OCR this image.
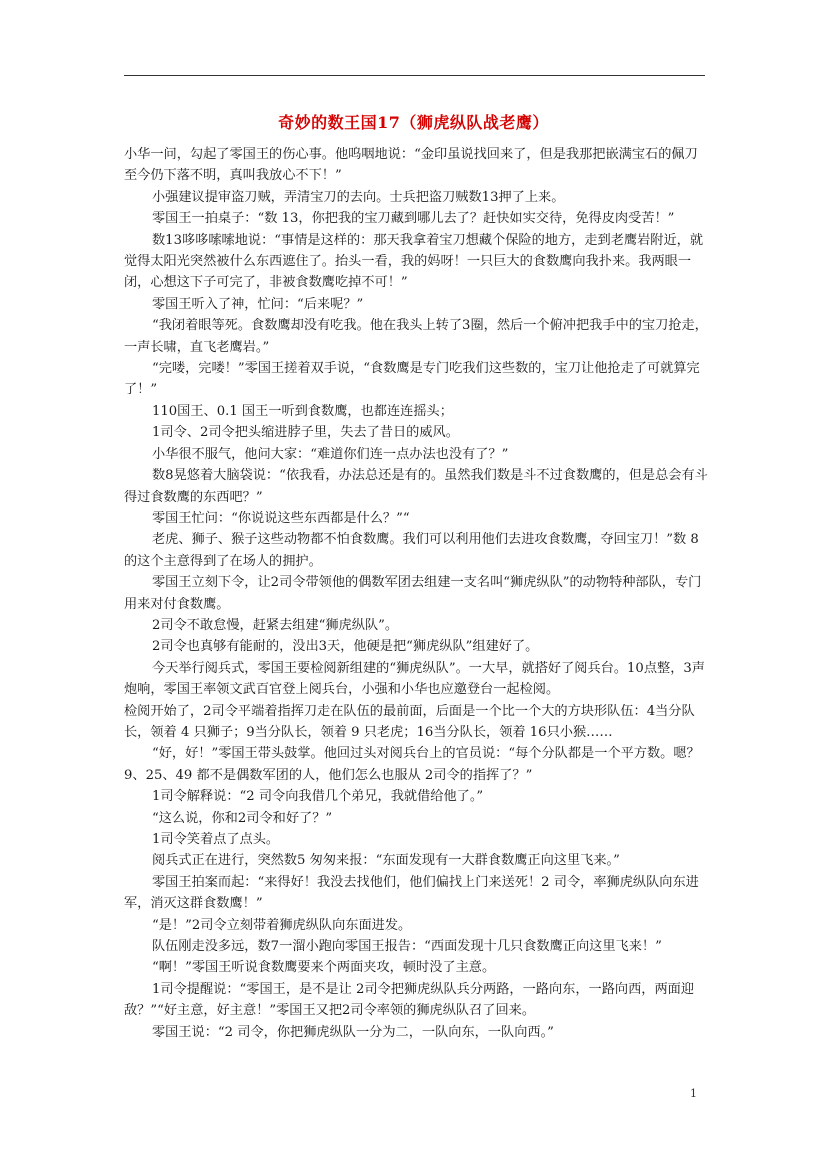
奇妙的数王国17（狮虎纵队战老鹰）

小华一问，勾起了零国王的伤心事。他呜咽地说：“金印虽说找回来了，但是我那把嵌满宝石的佩刀至今仍下落不明，真叫我放心不下！”

小强建议提审盗刀贼，弄清宝刀的去向。士兵把盗刀贼数13押了上来。

零国王一拍桌子：“数 13，你把我的宝刀藏到哪儿去了？赶快如实交待，免得皮肉受苦！”

数13哆哆嗦嗦地说：“事情是这样的：那天我拿着宝刀想藏个保险的地方，走到老鹰岩附近，就觉得太阳光突然被什么东西遮住了。抬头一看，我的妈呀！一只巨大的食数鹰向我扑来。我两眼一闭，心想这下子可完了，非被食数鹰吃掉不可！”

零国王听入了神，忙问：“后来呢？”

“我闭着眼等死。食数鹰却没有吃我。他在我头上转了3圈，然后一个俯冲把我手中的宝刀抢走，一声长啸，直飞老鹰岩。”

“完喽，完喽！”零国王搓着双手说，“食数鹰是专门吃我们这些数的，宝刀让他抢走了可就算完了！”

110国王、0.1 国王一听到食数鹰，也都连连摇头；

1司令、2司令把头缩进脖子里，失去了昔日的威风。

小华很不服气，他问大家：“难道你们连一点办法也没有了？”

数8晃悠着大脑袋说：“依我看，办法总还是有的。虽然我们数是斗不过食数鹰的，但是总会有斗得过食数鹰的东西吧？”

零国王忙问：“你说说这些东西都是什么？”“

老虎、狮子、猴子这些动物都不怕食数鹰。我们可以利用他们去进攻食数鹰，夺回宝刀！”数 8的这个主意得到了在场人的拥护。

零国王立刻下令，让2司令带领他的偶数军团去组建一支名叫“狮虎纵队”的动物特种部队，专门用来对付食数鹰。

2司令不敢怠慢，赶紧去组建“狮虎纵队”。

2司令也真够有能耐的，没出3天，他硬是把“狮虎纵队”组建好了。

今天举行阅兵式，零国王要检阅新组建的“狮虎纵队”。一大早，就搭好了阅兵台。10点整，3声炮响，零国王率领文武百官登上阅兵台，小强和小华也应邀登台一起检阅。

检阅开始了，2司令平端着指挥刀走在队伍的最前面，后面是一个比一个大的方块形队伍：4当分队长，领着 4 只狮子；9当分队长，领着 9 只老虎；16当分队长，领着 16只小猴……

“好，好！”零国王带头鼓掌。他回过头对阅兵台上的官员说：“每个分队都是一个平方数。嗯？9、25、49 都不是偶数军团的人，他们怎么也服从 2司令的指挥了？”

1司令解释说：“2 司令向我借几个弟兄，我就借给他了。”

“这么说，你和2司令和好了？”

1司令笑着点了点头。

阅兵式正在进行，突然数5 匆匆来报：“东面发现有一大群食数鹰正向这里飞来。”

零国王拍案而起：“来得好！我没去找他们，他们偏找上门来送死！2 司令，率狮虎纵队向东进军，消灭这群食数鹰！”

“是！”2司令立刻带着狮虎纵队向东面进发。

队伍刚走没多远，数7一溜小跑向零国王报告：“西面发现十几只食数鹰正向这里飞来！”

“啊！”零国王听说食数鹰要来个两面夹攻，顿时没了主意。

1司令提醒说：“零国王，是不是让 2司令把狮虎纵队兵分两路，一路向东，一路向西，两面迎敌？”“好主意，好主意！”零国王又把2司令率领的狮虎纵队召了回来。

零国王说：“2 司令，你把狮虎纵队一分为二，一队向东，一队向西。”

1
